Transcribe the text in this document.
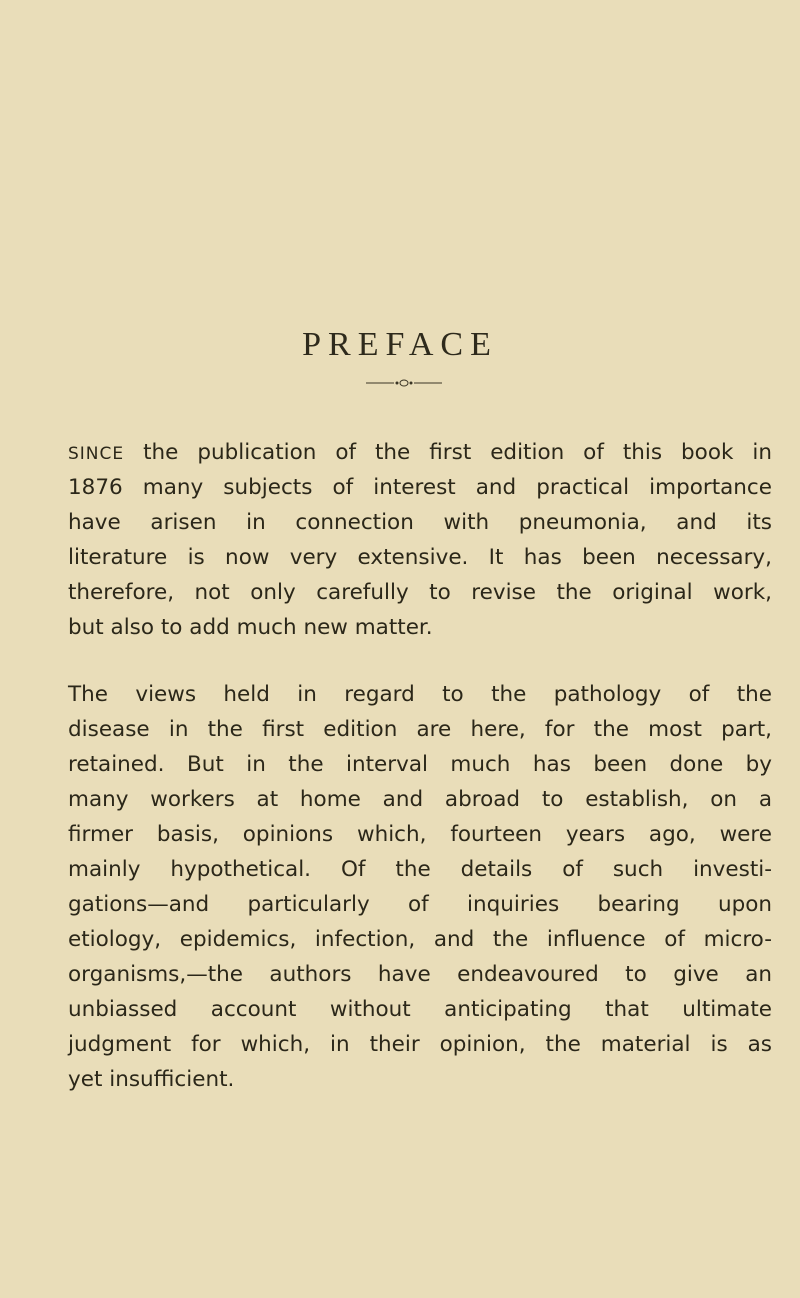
PREFACE
SINCE the publication of the first edition of this book in
1876 many subjects of interest and practical importance
have arisen in connection with pneumonia, and its
literature is now very extensive. It has been necessary,
therefore, not only carefully to revise the original work,
but also to add much new matter.
The views held in regard to the pathology of the
disease in the first edition are here, for the most part,
retained. But in the interval much has been done by
many workers at home and abroad to establish, on a
firmer basis, opinions which, fourteen years ago, were
mainly hypothetical. Of the details of such investi-
gations—and particularly of inquiries bearing upon
etiology, epidemics, infection, and the influence of micro-
organisms,—the authors have endeavoured to give an
unbiassed account without anticipating that ultimate
judgment for which, in their opinion, the material is as
yet insufficient.
